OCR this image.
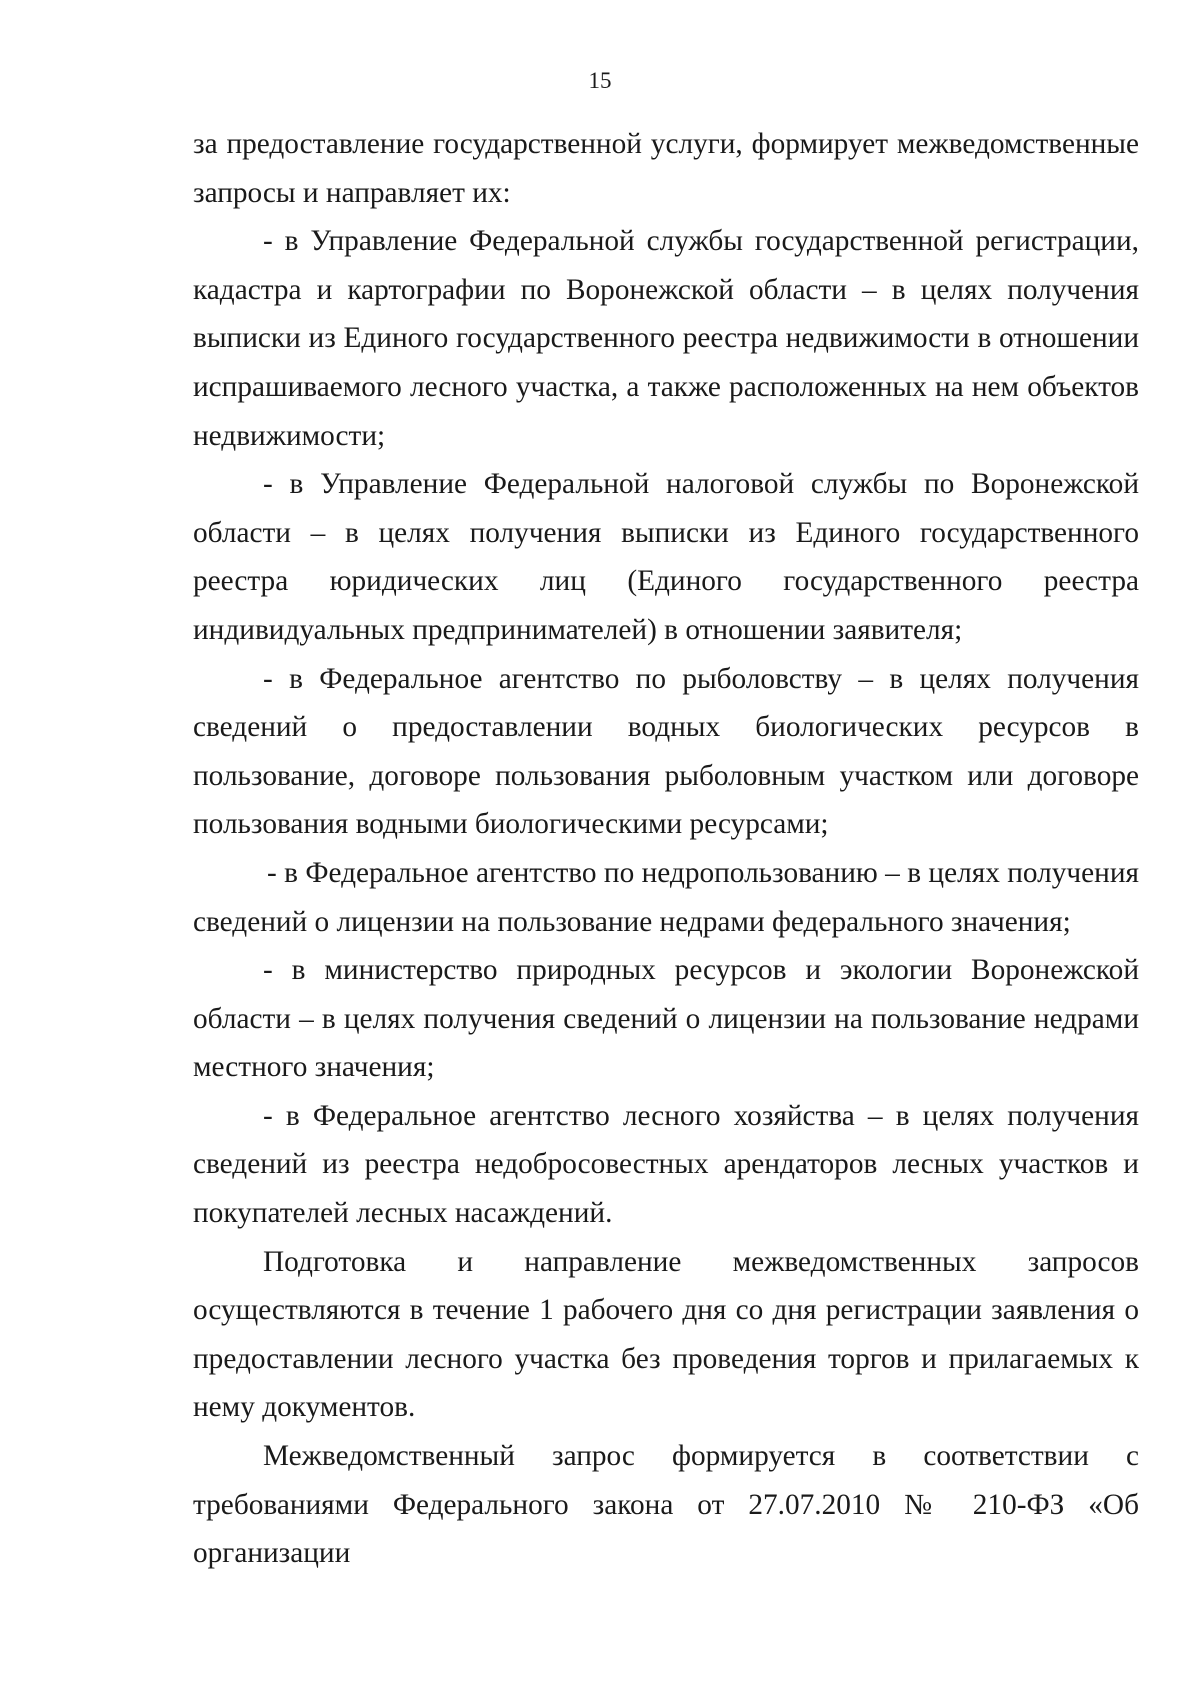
15

за предоставление государственной услуги, формирует межведомственные запросы и направляет их:

- в Управление Федеральной службы государственной регистрации, кадастра и картографии по Воронежской области – в целях получения выписки из Единого государственного реестра недвижимости в отношении испрашиваемого лесного участка, а также расположенных на нем объектов недвижимости;

- в Управление Федеральной налоговой службы по Воронежской области – в целях получения выписки из Единого государственного реестра юридических лиц (Единого государственного реестра индивидуальных предпринимателей) в отношении заявителя;

- в Федеральное агентство по рыболовству – в целях получения сведений о предоставлении водных биологических ресурсов в пользование, договоре пользования рыболовным участком или договоре пользования водными биологическими ресурсами;

- в Федеральное агентство по недропользованию – в целях получения сведений о лицензии на пользование недрами федерального значения;

- в министерство природных ресурсов и экологии Воронежской области – в целях получения сведений о лицензии на пользование недрами местного значения;

- в Федеральное агентство лесного хозяйства – в целях получения сведений из реестра недобросовестных арендаторов лесных участков и покупателей лесных насаждений.

Подготовка и направление межведомственных запросов осуществляются в течение 1 рабочего дня со дня регистрации заявления о предоставлении лесного участка без проведения торгов и прилагаемых к нему документов.

Межведомственный запрос формируется в соответствии с требованиями Федерального закона от 27.07.2010 № 210-ФЗ «Об организации
